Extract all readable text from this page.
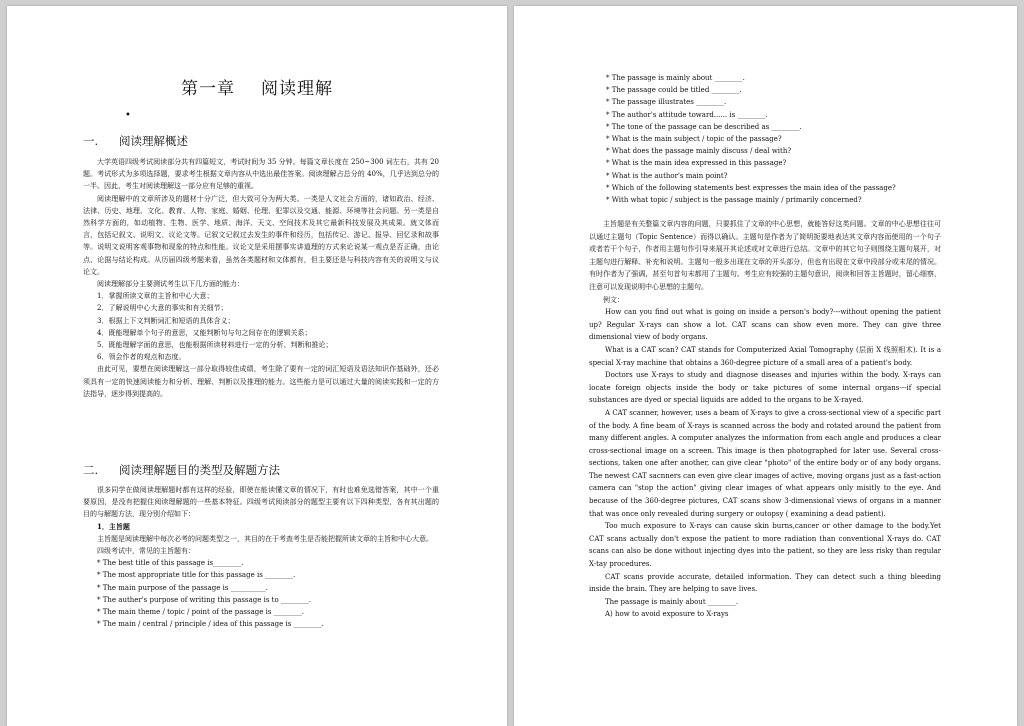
第一章 阅读理解
•
一. 阅读理解概述

大学英语四级考试阅读部分共有四篇短文，考试时间为 35 分钟。每篇文章长度在 250~300 词左右，共有 20 题。考试形式为多项选择题，要求考生根据文章内容从中选出最佳答案。阅读理解占总分的 40%，几乎达到总分的一半。因此，考生对阅读理解这一部分应有足够的重视。

阅读理解中的文章所涉及的题材十分广泛，但大致可分为两大类。一类是人文社会方面的，诸如政治、经济、法律、历史、地理、文化、教育、人物、家庭、婚姻、伦理、犯罪以及交通、能源、环境等社会问题。另一类是自然科学方面的，如动植物、生物、医学、地质、海洋、天文、空间技术及其它最新科技发展及其成果。就文体而言，包括记叙文、说明文、议论文等。记叙文记叙过去发生的事件和经历，包括传记、游记、报导、回忆录和故事等。说明文说明客观事物和现象的特点和性能。议论文是采用摆事实讲道理的方式来论说某一观点是否正确，由论点、论据与结论构成。从历届四级考题来看，虽然各类题材和文体都有，但主要还是与科技内容有关的说明文与议论文。

阅读理解部分主要测试考生以下几方面的能力：

1．掌握所读文章的主旨和中心大意；

2．了解说明中心大意的事实和有关细节；

3．根据上下文判断词汇和短语的具体含义；

4．既能理解单个句子的意思，又能判断句与句之间存在的逻辑关系；

5．既能理解字面的意思，也能根据所读材料进行一定的分析、判断和推论；

6．领会作者的观点和态度。

由此可见，要想在阅读理解这一部分取得较佳成绩，考生除了要有一定的词汇短语及语法知识作基础外，还必须具有一定的快速阅读能力和分析、理解、判断以及推理的能力。这些能力是可以通过大量的阅读实践和一定的方法指导，逐步得到提高的。

二. 阅读理解题目的类型及解题方法

很多同学在做阅读理解题时都有这样的经验，即使在能读懂文章的情况下，有时也难免选错答案，其中一个重要原因，是没有把握住阅读理解题的一些基本特征。四级考试阅读部分的题型主要有以下四种类型，各有其出题的目的与解题方法，现分别介绍如下：

1．主旨题

主旨题是阅读理解中每次必考的问题类型之一，其目的在于考查考生是否能把握所读文章的主旨和中心大意。

四级考试中，常见的主旨题有：

* The best title of this passage is________.

* The most appropriate title for this passage is ________.

* The main purpose of the passage is __________.

* The auther's purpose of writing this passage is to ________.

* The main theme / topic / point of the passage is ________.

* The main / central / principle / idea of this passage is ________.

* The passage is mainly about ________.

* The passage could be titled ________.

* The passage illustrates ________.

* The author's attitude toward...... is ________.

* The tone of the passage can be described as ________.

* What is the main subject / topic of the passage?

* What does the passage mainly discuss / deal with?

* What is the main idea expressed in this passage?

* What is the author's main point?

* Which of the following statements best expresses the main idea of the passage?

* With what topic / subject is the passage mainly / primarily concerned?

主旨题是有关整篇文章内容的问题，只要抓住了文章的中心思想，就能答好这类问题。文章的中心思想往往可以通过主题句（Topic Sentence）而得以确认。主题句是作者为了简明扼要地表达其文章内容而使用的一个句子或者若干个句子，作者用主题句作引导来展开其论述或对文章进行总结。文章中的其它句子则围绕主题句展开，对主题句进行解释、补充和说明。主题句一般多出现在文章的开头部分，但也有出现在文章中段部分或末尾的情况。有时作者为了强调，甚至句首句末都用了主题句。考生应有较强的主题句意识，阅读和回答主旨题时，留心细察，注意可以发现说明中心思想的主题句。

例文：

How can you find out what is going on inside a person's body?---without opening the patient up? Regular X-rays can show a lot. CAT scans can show even more. They can give three dimensional view of body organs.

What is a CAT scan? CAT stands for Computerized Axial Tomography (层面 X 线照相术). It is a special X-ray machine that obtains a 360-degree picture of a small area of a patient's body.

Doctors use X-rays to study and diagnose diseases and injuries within the body. X-rays can locate foreign objects inside the body or take pictures of some internal organs---if special substances are dyed or special liquids are added to the organs to be X-rayed.

A CAT scanner, however, uses a beam of X-rays to give a cross-sectional view of a specific part of the body. A fine beam of X-rays is scanned across the body and rotated around the patient from many different angles. A computer analyzes the information from each angle and produces a clear cross-sectional image on a screen. This image is then photographed for later use. Several cross-sections, taken one after another, can give clear "photo" of the entire body or of any body organs. The newest CAT sacnners can even give clear images of active, moving organs just as a fast-action camera can "stop the action" giving clear images of what appears only misitly to the eye. And because of the 360-degree pictures, CAT scans show 3-dimensional views of organs in a manner that was once only revealed during surgery or outopsy ( examining a dead patient).

Too much exposure to X-rays can cause skin burns,cancer or other damage to the body.Yet CAT scans actually don't expose the patient to more radiation than conventional X-rays do. CAT scans can also be done without injecting dyes into the patient, so they are less risky than regular X-tay procedures.

CAT scans provide accurate, detailed information. They can detect such a thing bleeding inside the brain. They are helping to save lives.

The passage is mainly about ________.

A) how to avoid exposure to X-rays
